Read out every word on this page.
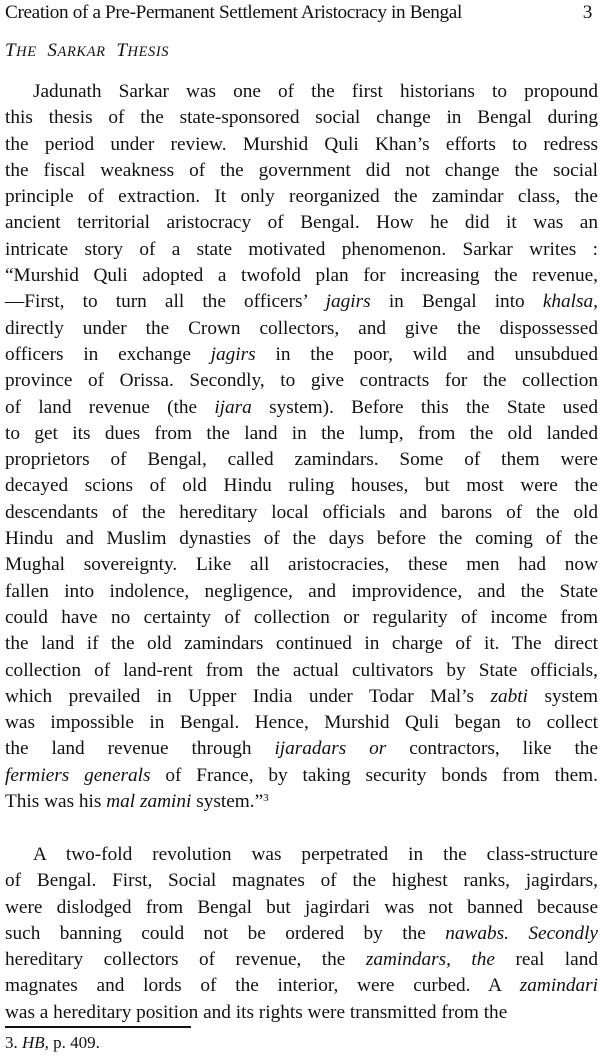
Creation of a Pre-Permanent Settlement Aristocracy in Bengal	3
THE SARKAR THESIS
Jadunath Sarkar was one of the first historians to propound
this thesis of the state-sponsored social change in Bengal during
the period under review. Murshid Quli Khan’s efforts to redress
the fiscal weakness of the government did not change the social
principle of extraction. It only reorganized the zamindar class, the
ancient territorial aristocracy of Bengal. How he did it was an
intricate story of a state motivated phenomenon. Sarkar writes :
“Murshid Quli adopted a twofold plan for increasing the revenue,
—First, to turn all the officers’ jagirs in Bengal into khalsa,
directly under the Crown collectors, and give the dispossessed
officers in exchange jagirs in the poor, wild and unsubdued
province of Orissa. Secondly, to give contracts for the collection
of land revenue (the ijara system). Before this the State used
to get its dues from the land in the lump, from the old landed
proprietors of Bengal, called zamindars. Some of them were
decayed scions of old Hindu ruling houses, but most were the
descendants of the hereditary local officials and barons of the old
Hindu and Muslim dynasties of the days before the coming of the
Mughal sovereignty. Like all aristocracies, these men had now
fallen into indolence, negligence, and improvidence, and the State
could have no certainty of collection or regularity of income from
the land if the old zamindars continued in charge of it. The direct
collection of land-rent from the actual cultivators by State officials,
which prevailed in Upper India under Todar Mal’s zabti system
was impossible in Bengal. Hence, Murshid Quli began to collect
the land revenue through ijaradars or contractors, like the
fermiers generals of France, by taking security bonds from them.
This was his mal zamini system.”$^3$
A two-fold revolution was perpetrated in the class-structure
of Bengal. First, Social magnates of the highest ranks, jagirdars,
were dislodged from Bengal but jagirdari was not banned because
such banning could not be ordered by the nawabs. Secondly
hereditary collectors of revenue, the zamindars, the real land
magnates and lords of the interior, were curbed. A zamindari
was a hereditary position and its rights were transmitted from the
3. HB, p. 409.
